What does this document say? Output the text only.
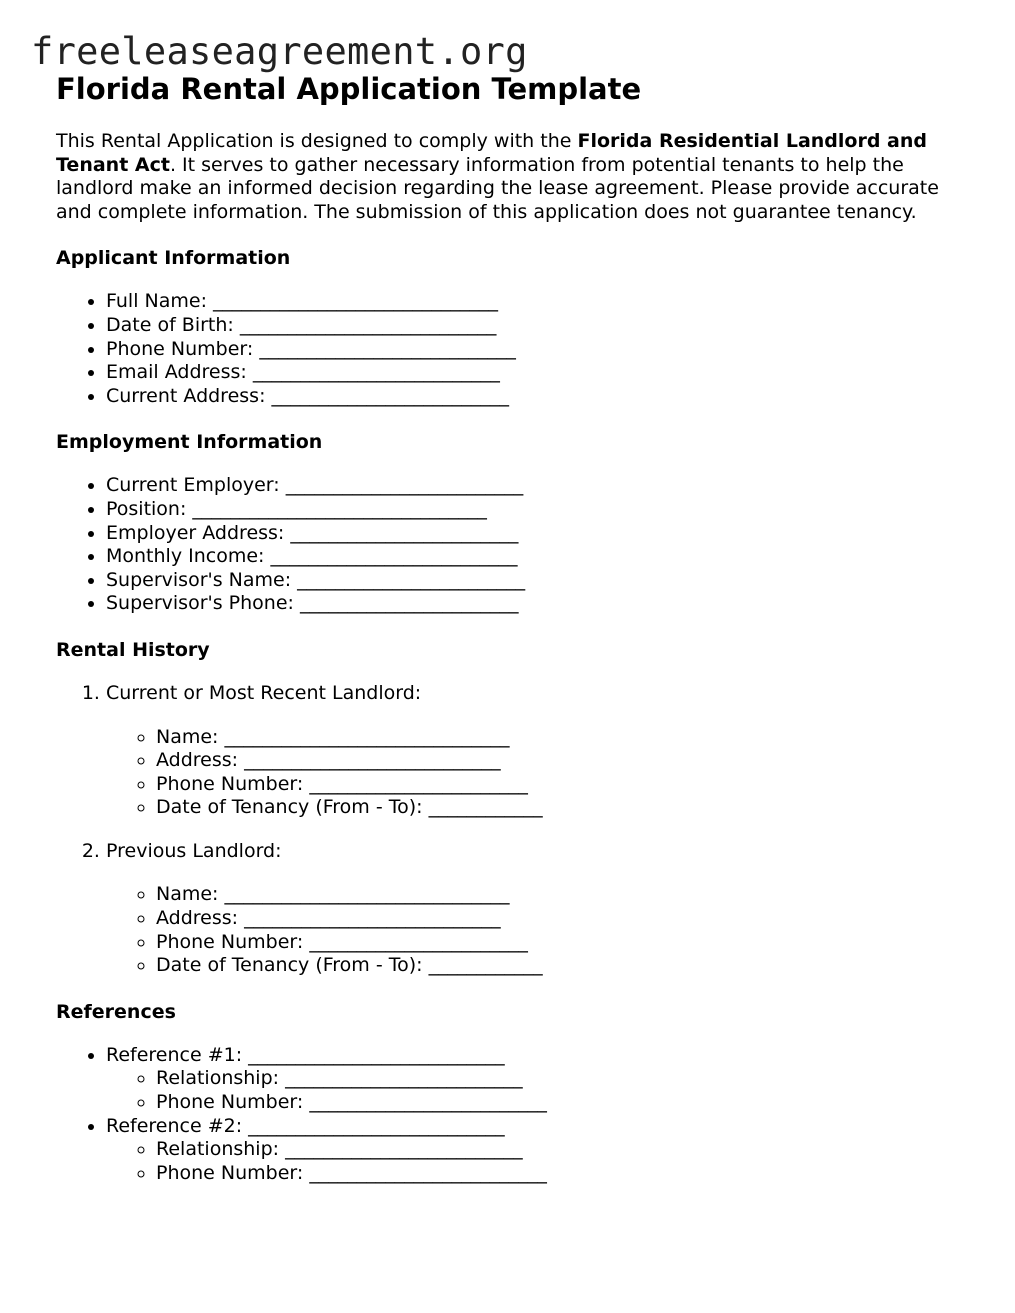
freeleaseagreement.org
Florida Rental Application Template

This Rental Application is designed to comply with the Florida Residential Landlord and Tenant Act. It serves to gather necessary information from potential tenants to help the landlord make an informed decision regarding the lease agreement. Please provide accurate and complete information. The submission of this application does not guarantee tenancy.

Applicant Information
• Full Name: ______________________________
• Date of Birth: ___________________________
• Phone Number: ___________________________
• Email Address: __________________________
• Current Address: _________________________
Employment Information
• Current Employer: _________________________
• Position: _______________________________
• Employer Address: ________________________
• Monthly Income: __________________________
• Supervisor's Name: ________________________
• Supervisor's Phone: _______________________
Rental History
1. Current or Most Recent Landlord:
◦ Name: ______________________________
◦ Address: ___________________________
◦ Phone Number: _______________________
◦ Date of Tenancy (From - To): ____________
2. Previous Landlord:
◦ Name: ______________________________
◦ Address: ___________________________
◦ Phone Number: _______________________
◦ Date of Tenancy (From - To): ____________
References
• Reference #1: ___________________________
◦ Relationship: _________________________
◦ Phone Number: _________________________
• Reference #2: ___________________________
◦ Relationship: _________________________
◦ Phone Number: _________________________
